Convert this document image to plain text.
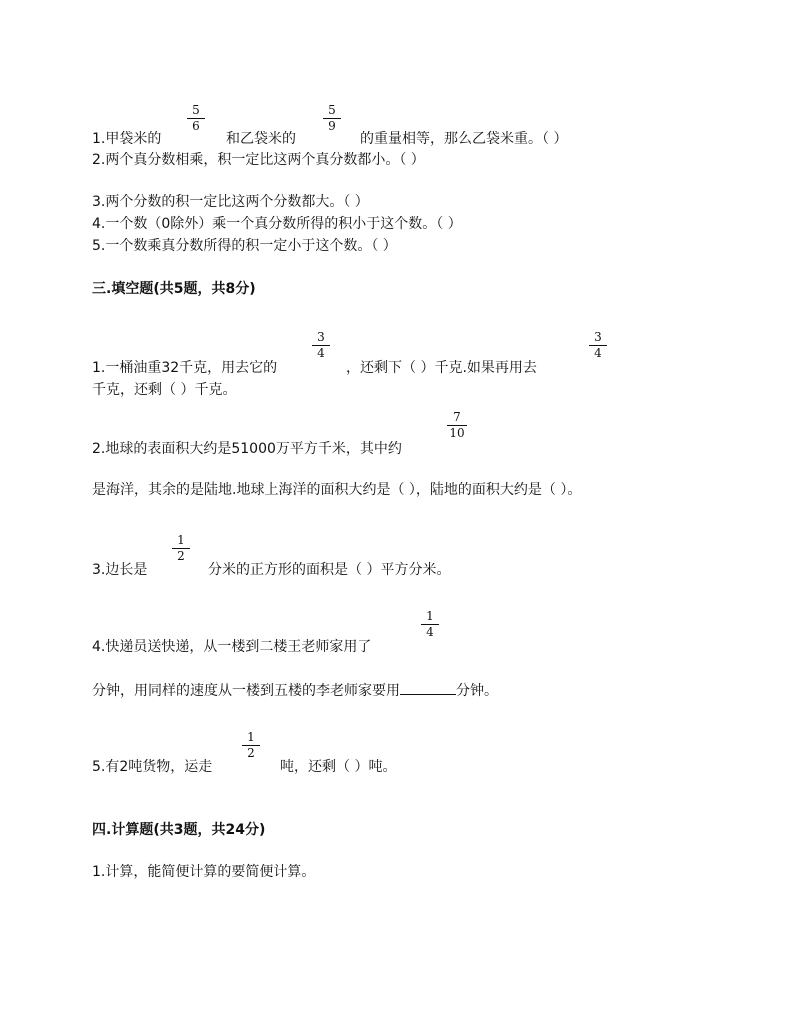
1.甲袋米的
5
6
和乙袋米的
5
9
的重量相等，那么乙袋米重。（ ）
2.两个真分数相乘，积一定比这两个真分数都小。（ ）
3.两个分数的积一定比这两个分数都大。（ ）
4.一个数（0除外）乘一个真分数所得的积小于这个数。（ ）
5.一个数乘真分数所得的积一定小于这个数。（ ）
三.填空题(共5题，共8分)
1.一桶油重32千克，用去它的
3
4
，还剩下（ ）千克.如果再用去
3
4
千克，还剩（ ）千克。
2.地球的表面积大约是51000万平方千米，其中约
7
10
是海洋，其余的是陆地.地球上海洋的面积大约是（ ），陆地的面积大约是（ ）。
3.边长是
1
2
分米的正方形的面积是（ ）平方分米。
4.快递员送快递，从一楼到二楼王老师家用了
1
4
分钟，用同样的速度从一楼到五楼的李老师家要用	分钟。
5.有2吨货物，运走
1
2
吨，还剩（ ）吨。
四.计算题(共3题，共24分)
1.计算，能简便计算的要简便计算。
